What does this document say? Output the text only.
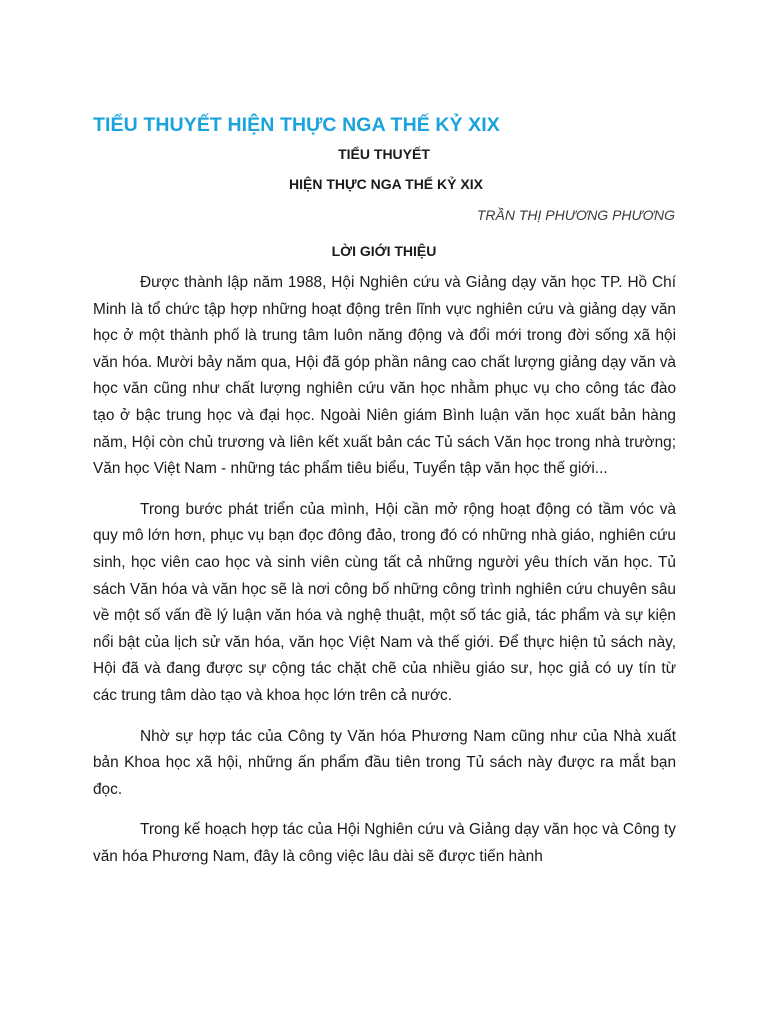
TIỂU THUYẾT HIỆN THỰC NGA THẾ KỶ XIX

TIỂU THUYẾT

HIỆN THỰC NGA THẾ KỶ XIX

TRẦN THỊ PHƯƠNG PHƯƠNG

LỜI GIỚI THIỆU

Được thành lập năm 1988, Hội Nghiên cứu và Giảng dạy văn học TP. Hồ Chí Minh là tổ chức tập hợp những hoạt động trên lĩnh vực nghiên cứu và giảng dạy văn học ở một thành phố là trung tâm luôn năng động và đổi mới trong đời sống xã hội văn hóa. Mười bảy năm qua, Hội đã góp phần nâng cao chất lượng giảng dạy văn và học văn cũng như chất lượng nghiên cứu văn học nhằm phục vụ cho công tác đào tạo ở bậc trung học và đại học. Ngoài Niên giám Bình luận văn học xuất bản hàng năm, Hội còn chủ trương và liên kết xuất bản các Tủ sách Văn học trong nhà trường; Văn học Việt Nam - những tác phẩm tiêu biểu, Tuyển tập văn học thế giới...

Trong bước phát triển của mình, Hội cần mở rộng hoạt động có tầm vóc và quy mô lớn hơn, phục vụ bạn đọc đông đảo, trong đó có những nhà giáo, nghiên cứu sinh, học viên cao học và sinh viên cùng tất cả những người yêu thích văn học. Tủ sách Văn hóa và văn học sẽ là nơi công bố những công trình nghiên cứu chuyên sâu về một số vấn đề lý luận văn hóa và nghệ thuật, một số tác giả, tác phẩm và sự kiện nổi bật của lịch sử văn hóa, văn học Việt Nam và thế giới. Để thực hiện tủ sách này, Hội đã và đang được sự cộng tác chặt chẽ của nhiều giáo sư, học giả có uy tín từ các trung tâm dào tạo và khoa học lớn trên cả nước.

Nhờ sự hợp tác của Công ty Văn hóa Phương Nam cũng như của Nhà xuất bản Khoa học xã hội, những ấn phẩm đầu tiên trong Tủ sách này được ra mắt bạn đọc.

Trong kế hoạch hợp tác của Hội Nghiên cứu và Giảng dạy văn học và Công ty văn hóa Phương Nam, đây là công việc lâu dài sẽ được tiến hành
